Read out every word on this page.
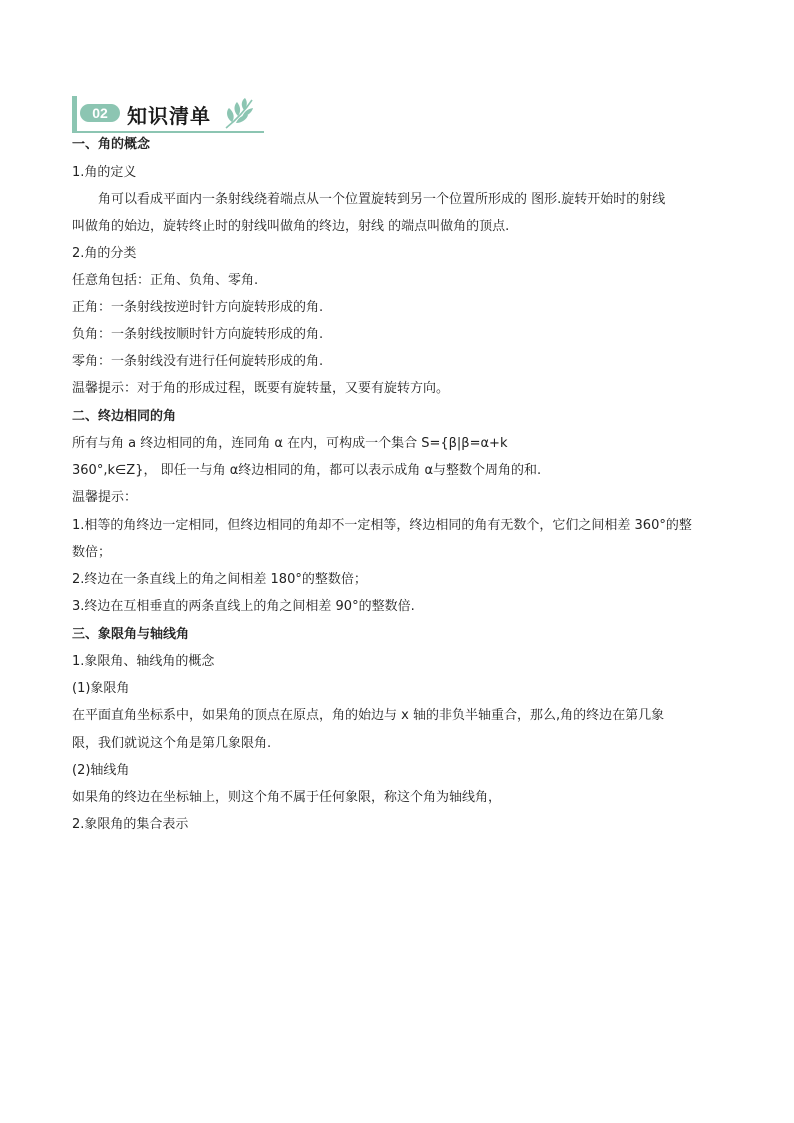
02 知识清单
一、角的概念
1.角的定义
角可以看成平面内一条射线绕着端点从一个位置旋转到另一个位置所形成的 图形.旋转开始时的射线
叫做角的始边，旋转终止时的射线叫做角的终边，射线 的端点叫做角的顶点.
2.角的分类
任意角包括：正角、负角、零角.
正角：一条射线按逆时针方向旋转形成的角.
负角：一条射线按顺时针方向旋转形成的角.
零角：一条射线没有进行任何旋转形成的角.
温馨提示：对于角的形成过程，既要有旋转量，又要有旋转方向。
二、终边相同的角
所有与角 a 终边相同的角，连同角 α 在内，可构成一个集合 S={β|β=α+k
360°,k∈Z}， 即任一与角 α终边相同的角，都可以表示成角 α与整数个周角的和.
温馨提示：
1.相等的角终边一定相同，但终边相同的角却不一定相等，终边相同的角有无数个，它们之间相差 360°的整
数倍；
2.终边在一条直线上的角之间相差 180°的整数倍；
3.终边在互相垂直的两条直线上的角之间相差 90°的整数倍.
三、象限角与轴线角
1.象限角、轴线角的概念
(1)象限角
在平面直角坐标系中，如果角的顶点在原点，角的始边与 x 轴的非负半轴重合，那么,角的终边在第几象
限，我们就说这个角是第几象限角.
(2)轴线角
如果角的终边在坐标轴上，则这个角不属于任何象限，称这个角为轴线角，
2.象限角的集合表示
